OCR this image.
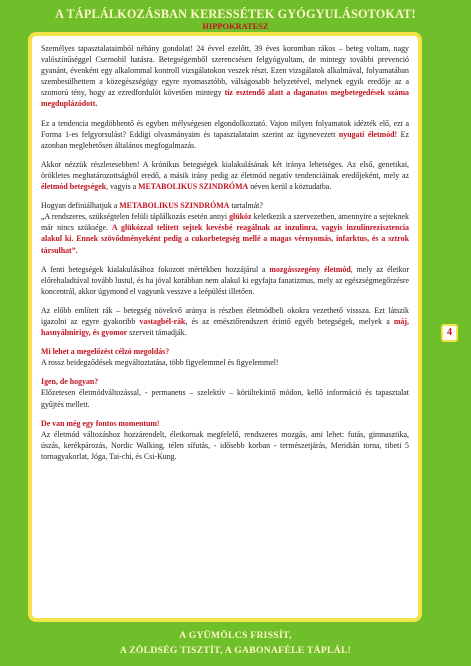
A TÁPLÁLKOZÁSBAN KERESSÉTEK GYÓGYULÁSOTOKAT!
HIPPOKRATESZ

Személyes tapasztalataimból néhány gondolat! 24 évvel ezelőtt, 39 éves koromban rákos – beteg voltam, nagy valószínűséggel Csernobil hatásra. Betegségemből szerencsésen felgyógyultam, de mintegy további prevenció gyanánt, évenként egy alkalommal kontroll vizsgálatokon veszek részt. Ezen vizsgálatok alkalmával, folyamatában szembesülhettem a közegészségügy egyre nyomasztóbb, válságosabb helyzetével, melynek egyik eredője az a szomorú tény, hogy az ezredfordulót követően mintegy tíz esztendő alatt a daganatos megbetegedések száma megduplázódott.

Ez a tendencia megdöbbentő és egyben mélységesen elgondolkoztató. Vajon milyen folyamatok idézték elő, ezt a Forma 1-es felgyorsulást? Eddigi olvasmányaim és tapasztalataim szerint az ügynevezett nyugati életmód! Ez azonban meglehetősen általános megfogalmazás.

Akkor nézzük részletesebben! A krónikus betegségek kialakulásának két iránya lehetséges. Az első, genetikai, örökletes meghatározottságból eredő, a másik irány pedig az életmód negatív tendenciáinak eredőjeként, mely az életmód betegségek, vagyis a METABOLIKUS SZINDRÓMA néven kerül a köztudatba.

Hogyan definiálhatjuk a METABOLIKUS SZINDRÓMA tartalmát?
„A rendszeres, szükségtelen felüli táplálkozás esetén annyi glükóz keletkezik a szervezetben, amennyire a sejteknek már nincs szüksége. A glükózzal telített sejtek kevésbé reagálnak az inzulinra, vagyis inzulinrezisztencia alakul ki. Ennek szövődményeként pedig a cukorbetegség mellé a magas vérnyomás, infarktus, és a sztrok társulhat”.

A fenti betegségek kialakulásához fokozott mértékben hozzájárul a mozgásszegény életmód, mely az életkor előrehaladtával tovább lustul, és ha jóval korábban nem alakul ki egyfajta fanatizmus, mely az egészségmegőrzésre koncentrál, akkor úgymond el vagyunk vesszve a leépülést illetően.

Az előbb említett rák – betegség növekvő aránya is részben életmódbeli okokra vezethető visssza. Ezt látszik igazolni az egyre gyakoribb vastagbél-rák, és az emésztőrendszert érintő egyéb betegségek, melyek a máj, hasnyálmirigy, és gyomor szerveit támadják.

Mi lehet a megelőzést célzó megoldás?
A rossz beidegződések megváltoztatása, több figyelemmel és figyelemmel!

Igen, de hogyan?
Előzetesen életmódváltozással, - permanens – szelektív – körültekintő módon, kellő információ és tapasztalat gyűjtés mellett.

De van még egy fontos momentum!
Az életmód változáshoz hozzárendelt, életkornak megfelelő, rendszeres mozgás, ami lehet: futás, gimnasztika, úszás, kerékpározás, Nordic Walking, télen sífutás, - idősebb korban - természetjárás, Meridián torna, tibeti 5 tornagyakorlat, Jóga, Tai-chi, és Csi-Kung.

4
A GYÜMÖLCS FRISSÍT,
A ZÖLDSÉG TISZTÍT, A GABONAFÉLE TÁPLÁL!
